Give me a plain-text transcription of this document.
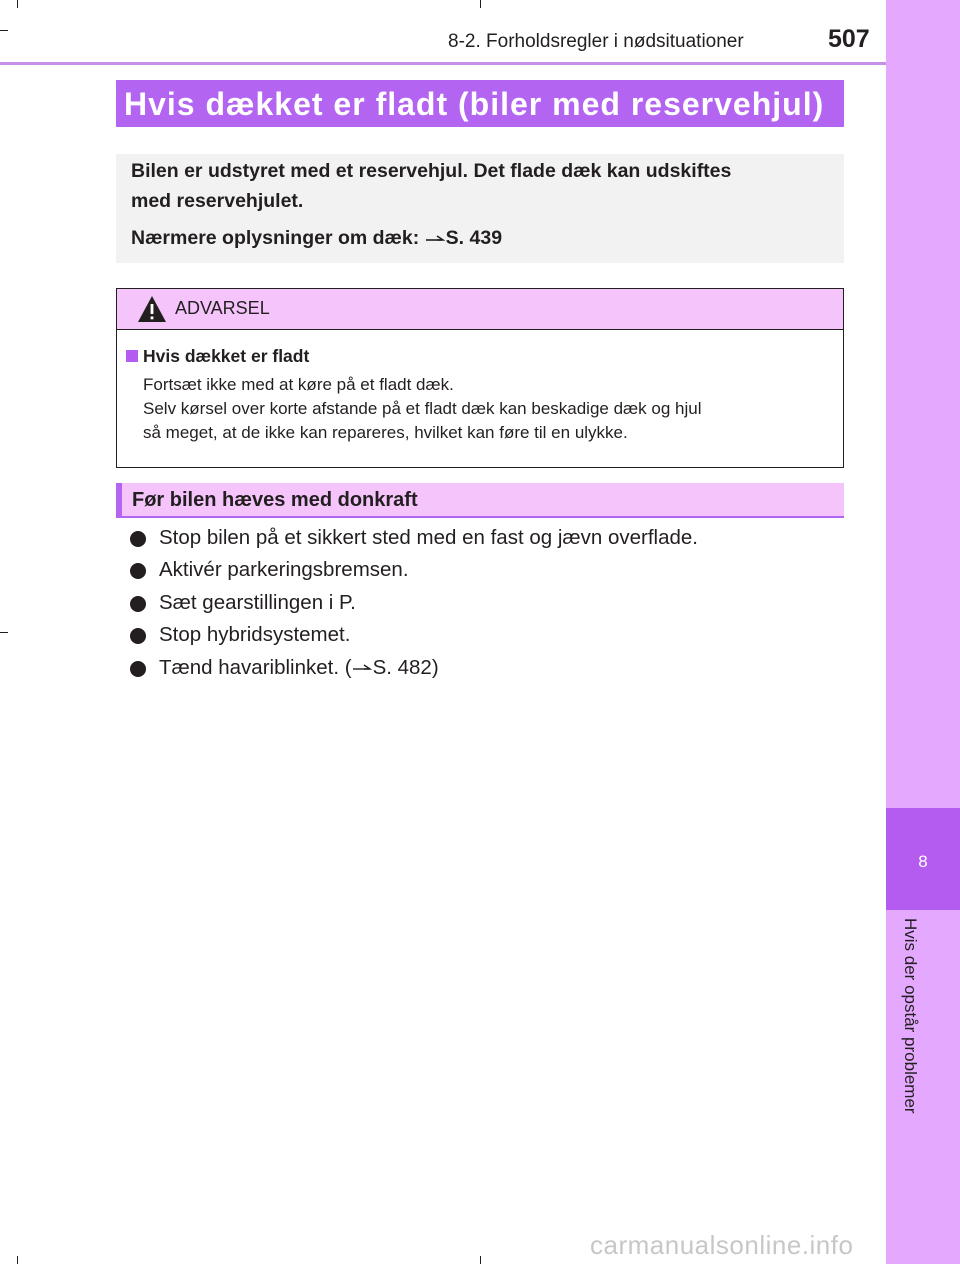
8-2. Forholdsregler i nødsituationer	507
8
Hvis der opstår problemer
Hvis dækket er fladt (biler med reservehjul)
Bilen er udstyret med et reservehjul. Det flade dæk kan udskiftes
med reservehjulet.
Nærmere oplysninger om dæk: S. 439
ADVARSEL
Hvis dækket er fladt
Fortsæt ikke med at køre på et fladt dæk.
Selv kørsel over korte afstande på et fladt dæk kan beskadige dæk og hjul
så meget, at de ikke kan repareres, hvilket kan føre til en ulykke.
Før bilen hæves med donkraft
Stop bilen på et sikkert sted med en fast og jævn overflade.
Aktivér parkeringsbremsen.
Sæt gearstillingen i P.
Stop hybridsystemet.
Tænd havariblinket. ( S. 482)
carmanualsonline.info
